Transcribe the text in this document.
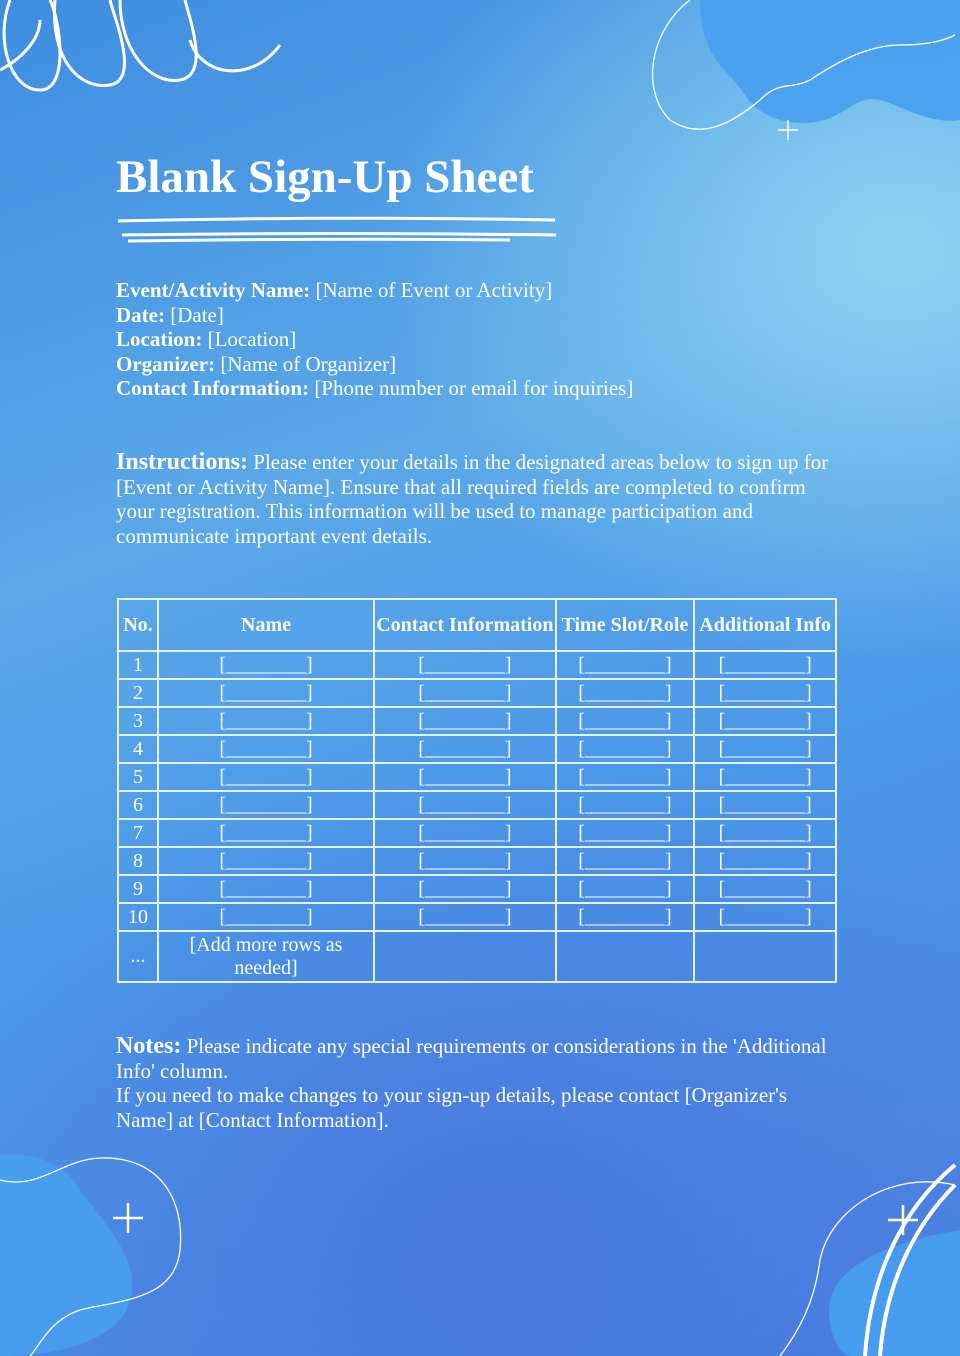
Blank Sign-Up Sheet
Event/Activity Name: [Name of Event or Activity]
Date: [Date]
Location: [Location]
Organizer: [Name of Organizer]
Contact Information: [Phone number or email for inquiries]

Instructions: Please enter your details in the designated areas below to sign up for [Event or Activity Name]. Ensure that all required fields are completed to confirm your registration. This information will be used to manage participation and communicate important event details.

No.	Name	Contact Information	Time Slot/Role	Additional Info
1	[________]	[________]	[________]	[________]
2	[________]	[________]	[________]	[________]
3	[________]	[________]	[________]	[________]
4	[________]	[________]	[________]	[________]
5	[________]	[________]	[________]	[________]
6	[________]	[________]	[________]	[________]
7	[________]	[________]	[________]	[________]
8	[________]	[________]	[________]	[________]
9	[________]	[________]	[________]	[________]
10	[________]	[________]	[________]	[________]
...	[Add more rows as needed]			
Notes: Please indicate any special requirements or considerations in the 'Additional Info' column.
If you need to make changes to your sign-up details, please contact [Organizer's Name] at [Contact Information].
